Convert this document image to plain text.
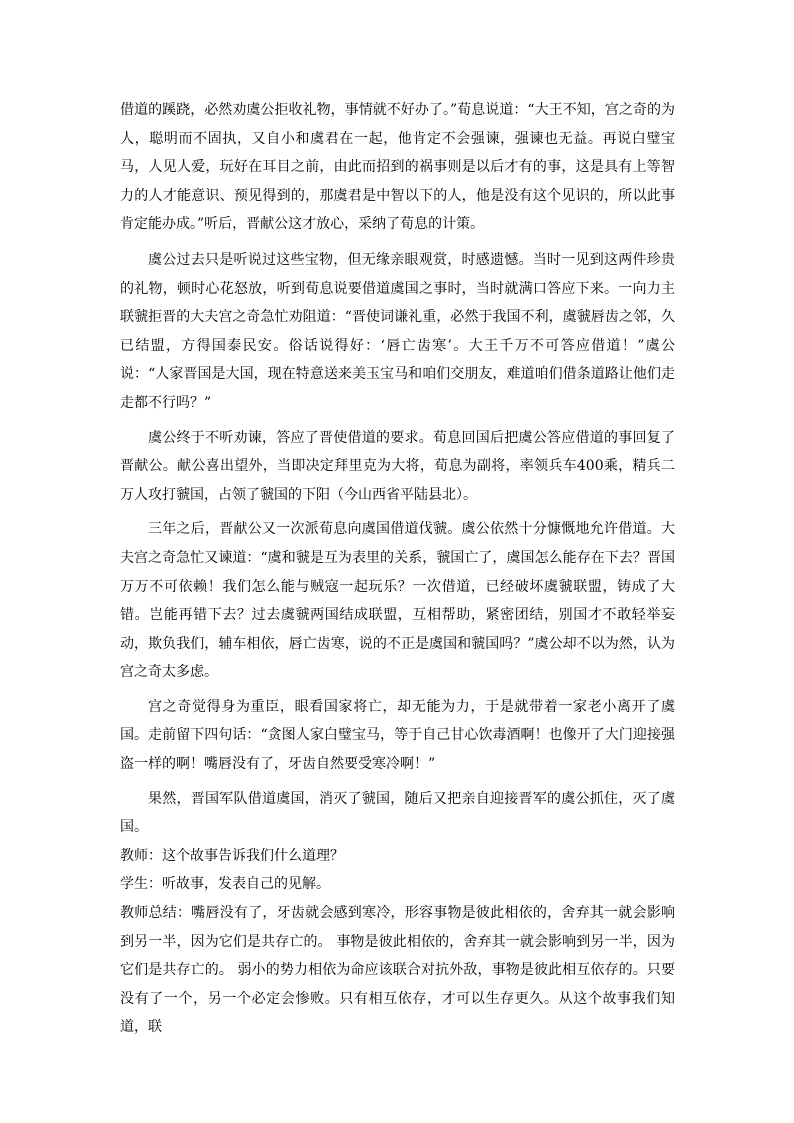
借道的蹊跷，必然劝虞公拒收礼物，事情就不好办了。”荀息说道：“大王不知，宫之奇的为人，聪明而不固执，又自小和虞君在一起，他肯定不会强谏，强谏也无益。再说白璧宝马，人见人爱，玩好在耳目之前，由此而招到的祸事则是以后才有的事，这是具有上等智力的人才能意识、预见得到的，那虞君是中智以下的人，他是没有这个见识的，所以此事肯定能办成。”听后，晋献公这才放心，采纳了荀息的计策。

虞公过去只是听说过这些宝物，但无缘亲眼观赏，时感遗憾。当时一见到这两件珍贵的礼物，顿时心花怒放，听到荀息说要借道虞国之事时，当时就满口答应下来。一向力主联虢拒晋的大夫宫之奇急忙劝阻道：“晋使词谦礼重，必然于我国不利，虞虢唇齿之邻，久已结盟，方得国泰民安。俗话说得好：‘唇亡齿寒’。大王千万不可答应借道！”虞公说：“人家晋国是大国，现在特意送来美玉宝马和咱们交朋友，难道咱们借条道路让他们走走都不行吗？”

虞公终于不听劝谏，答应了晋使借道的要求。荀息回国后把虞公答应借道的事回复了晋献公。献公喜出望外，当即决定拜里克为大将，荀息为副将，率领兵车400乘，精兵二万人攻打虢国，占领了虢国的下阳（今山西省平陆县北）。

三年之后，晋献公又一次派荀息向虞国借道伐虢。虞公依然十分慷慨地允许借道。大夫宫之奇急忙又谏道：“虞和虢是互为表里的关系，虢国亡了，虞国怎么能存在下去？晋国万万不可依赖！我们怎么能与贼寇一起玩乐？一次借道，已经破坏虞虢联盟，铸成了大错。岂能再错下去？过去虞虢两国结成联盟，互相帮助，紧密团结，别国才不敢轻举妄动，欺负我们，辅车相依，唇亡齿寒，说的不正是虞国和虢国吗？”虞公却不以为然，认为宫之奇太多虑。

宫之奇觉得身为重臣，眼看国家将亡，却无能为力，于是就带着一家老小离开了虞国。走前留下四句话：“贪图人家白璧宝马，等于自己甘心饮毒酒啊！也像开了大门迎接强盗一样的啊！嘴唇没有了，牙齿自然要受寒冷啊！”

果然，晋国军队借道虞国，消灭了虢国，随后又把亲自迎接晋军的虞公抓住，灭了虞国。

教师：这个故事告诉我们什么道理？

学生：听故事，发表自己的见解。

教师总结：嘴唇没有了，牙齿就会感到寒冷，形容事物是彼此相依的，舍弃其一就会影响到另一半，因为它们是共存亡的。 事物是彼此相依的，舍弃其一就会影响到另一半，因为它们是共存亡的。 弱小的势力相依为命应该联合对抗外敌，事物是彼此相互依存的。只要没有了一个，另一个必定会惨败。只有相互依存，才可以生存更久。从这个故事我们知道，联
